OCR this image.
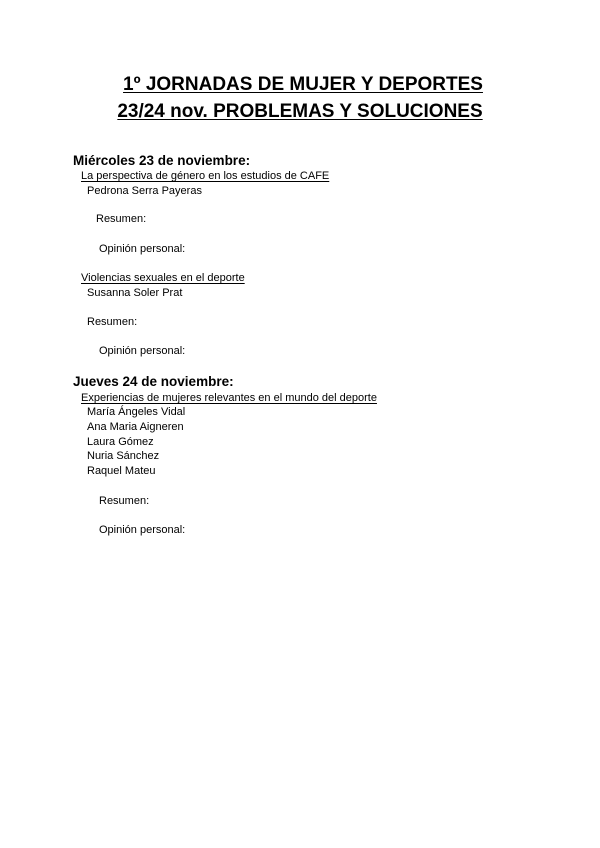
1º JORNADAS DE MUJER Y DEPORTES
23/24 nov. PROBLEMAS Y SOLUCIONES
Miércoles 23 de noviembre:
La perspectiva de género en los estudios de CAFE
Pedrona Serra Payeras
Resumen:
Opinión personal:
Violencias sexuales en el deporte
Susanna Soler Prat
Resumen:
Opinión personal:
Jueves 24 de noviembre:
Experiencias de mujeres relevantes en el mundo del deporte
María Ángeles Vidal
Ana Maria Aigneren
Laura Gómez
Nuria Sánchez
Raquel Mateu
Resumen:
Opinión personal:
